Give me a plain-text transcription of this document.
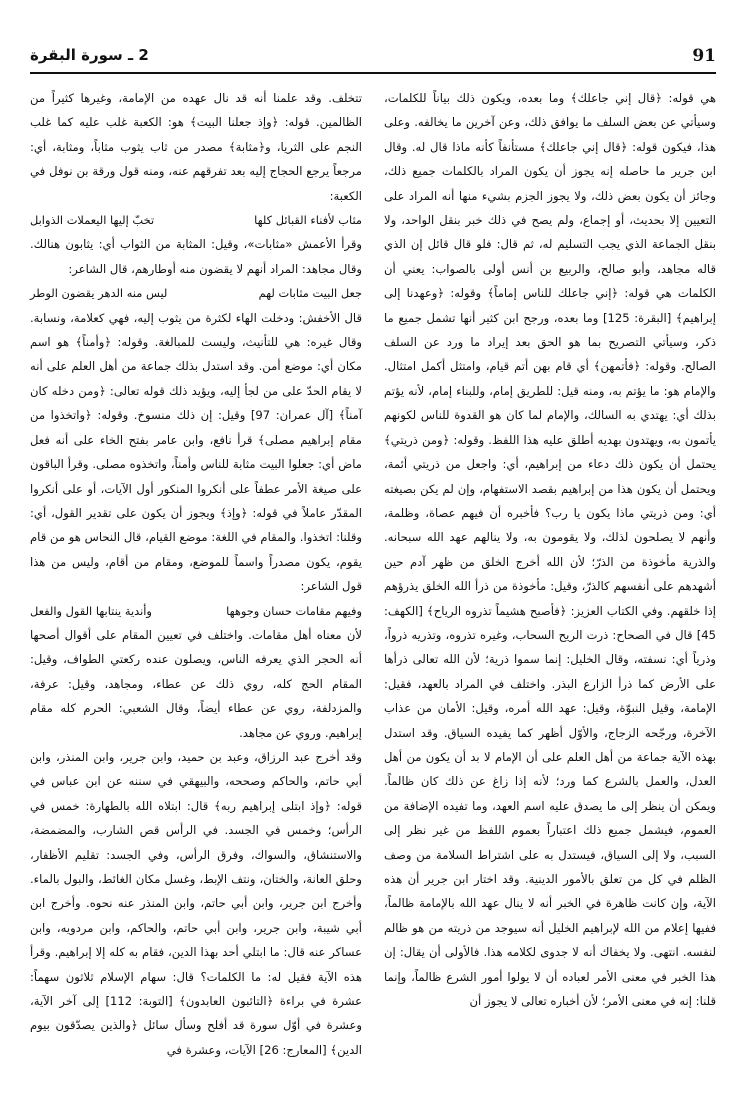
91
2 ـ سورة البقرة

هي قوله: ﴿قال إني جاعلك﴾ وما بعده، ويكون ذلك بياناً للكلمات، وسيأتي عن بعض السلف ما يوافق ذلك، وعن آخرين ما يخالفه. وعلى هذا، فيكون قوله: ﴿قال إني جاعلك﴾ مستأنفاً كأنه ماذا قال له. وقال ابن جرير ما حاصله إنه يجوز أن يكون المراد بالكلمات جميع ذلك، وجائز أن يكون بعض ذلك، ولا يجوز الجزم بشيء منها أنه المراد على التعيين إلا بحديث، أو إجماع، ولم يصح في ذلك خبر بنقل الواحد، ولا بنقل الجماعة الذي يجب التسليم له، ثم قال: فلو قال قائل إن الذي قاله مجاهد، وأبو صالح، والربيع بن أنس أولى بالصواب: يعني أن الكلمات هي قوله: ﴿إني جاعلك للناس إماماً﴾ وقوله: ﴿وعهدنا إلى إبراهيم﴾ [البقرة: 125] وما بعده، ورجح ابن كثير أنها تشمل جميع ما ذكر، وسيأتي التصريح بما هو الحق بعد إيراد ما ورد عن السلف الصالح. وقوله: ﴿فأتمهن﴾ أي قام بهن أتم قيام، وامتثل أكمل امتثال. والإمام هو: ما يؤتم به، ومنه قيل: للطريق إمام، وللبناء إمام، لأنه يؤتم بذلك أي: يهتدي به السالك، والإمام لما كان هو القدوة للناس لكونهم يأتمون به، ويهتدون بهديه أطلق عليه هذا اللفظ. وقوله: ﴿ومن ذريتي﴾ يحتمل أن يكون ذلك دعاء من إبراهيم، أي: واجعل من ذريتي أئمة، ويحتمل أن يكون هذا من إبراهيم بقصد الاستفهام، وإن لم يكن بصيغته أي: ومن ذريتي ماذا يكون يا رب؟ فأخبره أن فيهم عصاة، وظلمة، وأنهم لا يصلحون لذلك، ولا يقومون به، ولا ينالهم عهد الله سبحانه. والذرية مأخوذة من الذرّ؛ لأن الله أخرج الخلق من ظهر آدم حين أشهدهم على أنفسهم كالذرّ، وقيل: مأخوذة من ذرأ الله الخلق يذرؤهم إذا خلقهم. وفي الكتاب العزيز: ﴿فأصبح هشيماً تذروه الرياح﴾ [الكهف: 45] قال في الصحاح: ذرت الريح السحاب، وغيره تذروه، وتذريه ذرواً، وذرياً أي: نسفته، وقال الخليل: إنما سموا ذرية؛ لأن الله تعالى ذرأها على الأرض كما ذرأ الزارع البذر. واختلف في المراد بالعهد، فقيل: الإمامة، وقيل النبوّة، وقيل: عهد الله أمره، وقيل: الأمان من عذاب الآخرة، ورجّحه الزجاج، والأوّل أظهر كما يفيده السياق. وقد استدل بهذه الآية جماعة من أهل العلم على أن الإمام لا بد أن يكون من أهل العدل، والعمل بالشرع كما ورد؛ لأنه إذا زاغ عن ذلك كان ظالماً. ويمكن أن ينظر إلى ما يصدق عليه اسم العهد، وما تفيده الإضافة من العموم، فيشمل جميع ذلك اعتباراً بعموم اللفظ من غير نظر إلى السبب، ولا إلى السياق، فيستدل به على اشتراط السلامة من وصف الظلم في كل من تعلق بالأمور الدينية. وقد اختار ابن جرير أن هذه الآية، وإن كانت ظاهرة في الخبر أنه لا ينال عهد الله بالإمامة ظالماً، ففيها إعلام من الله لإبراهيم الخليل أنه سيوجد من ذريته من هو ظالم لنفسه. انتهى. ولا يخفاك أنه لا جدوى لكلامه هذا. فالأولى أن يقال: إن هذا الخبر في معنى الأمر لعباده أن لا يولوا أمور الشرع ظالماً، وإنما قلنا: إنه في معنى الأمر؛ لأن أخباره تعالى لا يجوز أن

تتخلف. وقد علمنا أنه قد نال عهده من الإمامة، وغيرها كثيراً من الظالمين. قوله: ﴿وإذ جعلنا البيت﴾ هو: الكعبة غلب عليه كما غلب النجم على الثريا، و﴿مثابة﴾ مصدر من ثاب يثوب مثاباً، ومثابة، أي: مرجعاً يرجع الحجاج إليه بعد تفرقهم عنه، ومنه قول ورقة بن نوفل في الكعبة:

مثاب لأفناء القبائل كلها
تخبّ إليها اليعملات الذوابل

وقرأ الأعمش «مثابات»، وقيل: المثابة من الثواب أي: يثابون هنالك. وقال مجاهد: المراد أنهم لا يقضون منه أوطارهم، قال الشاعر:

جعل البيت مثابات لهم
ليس منه الدهر يقضون الوطر

قال الأخفش: ودخلت الهاء لكثرة من يثوب إليه، فهي كعلامة، ونسابة. وقال غيره: هي للتأنيث، وليست للمبالغة. وقوله: ﴿وأمناً﴾ هو اسم مكان أي: موضع أمن. وقد استدل بذلك جماعة من أهل العلم على أنه لا يقام الحدّ على من لجأ إليه، ويؤيد ذلك قوله تعالى: ﴿ومن دخله كان آمناً﴾ [آل عمران: 97] وقيل: إن ذلك منسوخ. وقوله: ﴿واتخذوا من مقام إبراهيم مصلى﴾ قرأ نافع، وابن عامر بفتح الخاء على أنه فعل ماض أي: جعلوا البيت مثابة للناس وأمناً، واتخذوه مصلى. وقرأ الباقون على صيغة الأمر عطفاً على أنكروا المنكور أول الآيات، أو على أنكروا المقدّر عاملاً في قوله: ﴿وإذ﴾ ويجوز أن يكون على تقدير القول، أي: وقلنا: اتخذوا. والمقام في اللغة: موضع القيام، قال النحاس هو من قام يقوم، يكون مصدراً واسماً للموضع، ومقام من أقام، وليس من هذا قول الشاعر:

وفيهم مقامات حسان وجوهها
وأندية ينتابها القول والفعل

لأن معناه أهل مقامات. واختلف في تعيين المقام على أقوال أصحها أنه الحجر الذي يعرفه الناس، ويصلون عنده ركعتي الطواف، وقيل: المقام الحج كله، روي ذلك عن عطاء، ومجاهد، وقيل: عرفة، والمزدلفة، روي عن عطاء أيضاً، وقال الشعبي: الحرم كله مقام إبراهيم. وروي عن مجاهد.

وقد أخرج عبد الرزاق، وعبد بن حميد، وابن جرير، وابن المنذر، وابن أبي حاتم، والحاكم وصححه، والبيهقي في سننه عن ابن عباس في قوله: ﴿وإذ ابتلى إبراهيم ربه﴾ قال: ابتلاه الله بالطهارة: خمس في الرأس؛ وخمس في الجسد. في الرأس قص الشارب، والمضمضة، والاستنشاق، والسواك، وفرق الرأس، وفي الجسد: تقليم الأظفار، وحلق العانة، والختان، ونتف الإبط، وغسل مكان الغائط، والبول بالماء. وأخرج ابن جرير، وابن أبي حاتم، وابن المنذر عنه نحوه. وأخرج ابن أبي شيبة، وابن جرير، وابن أبي حاتم، والحاكم، وابن مردويه، وابن عساكر عنه قال: ما ابتلي أحد بهذا الدين، فقام به كله إلا إبراهيم. وقرأ هذه الآية فقيل له: ما الكلمات؟ قال: سهام الإسلام ثلاثون سهماً: عشرة في براءة ﴿التائبون العابدون﴾ [التوبة: 112] إلى آخر الآية، وعشرة في أوّل سورة قد أفلح وسأل سائل ﴿والذين يصدّقون بيوم الدين﴾ [المعارج: 26] الآيات، وعشرة في
